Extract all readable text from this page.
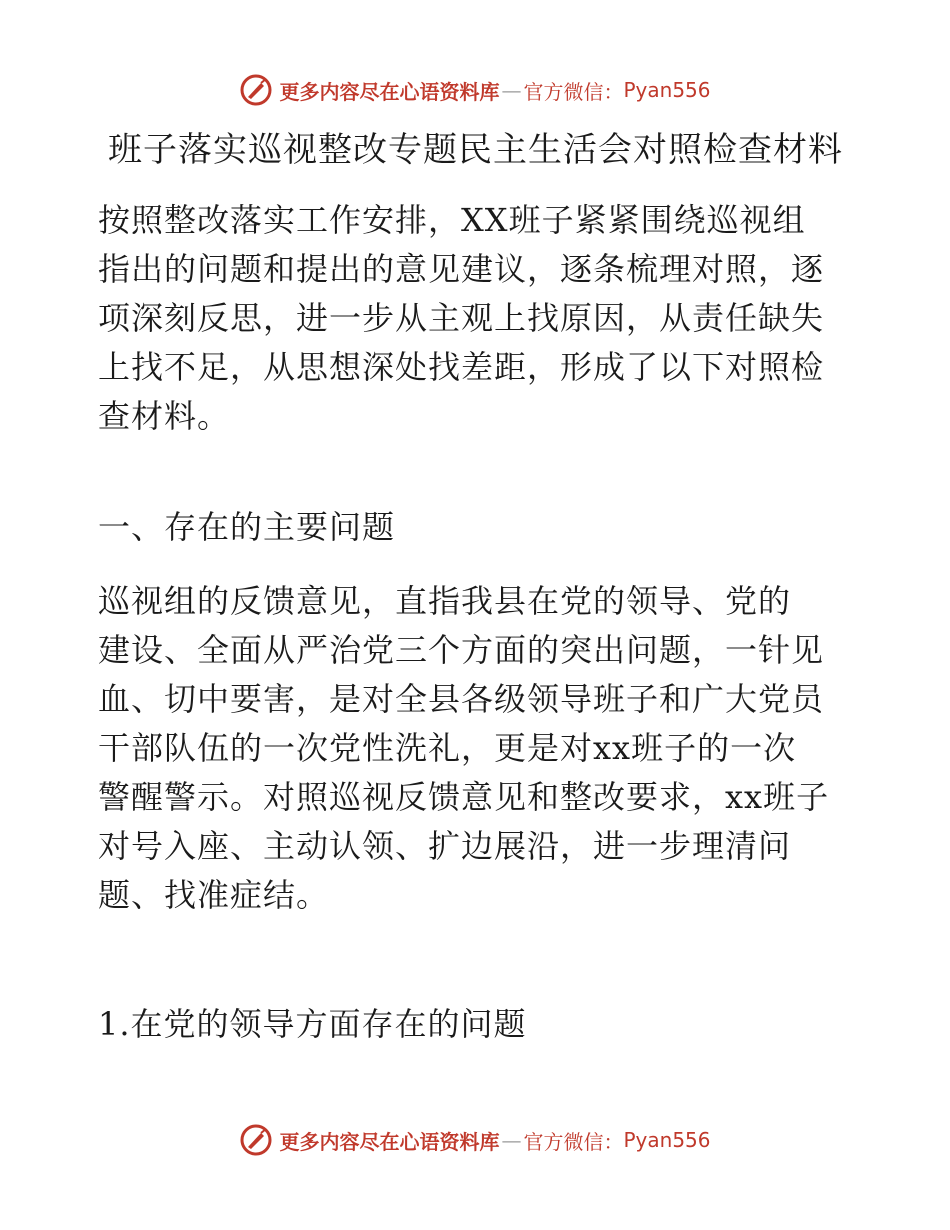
更多内容尽在心语资料库 — 官方微信： Pyan556
班子落实巡视整改专题民主生活会对照检查材料

按照整改落实工作安排，XX班子紧紧围绕巡视组
指出的问题和提出的意见建议，逐条梳理对照，逐
项深刻反思，进一步从主观上找原因，从责任缺失
上找不足，从思想深处找差距，形成了以下对照检
查材料。

一、存在的主要问题

巡视组的反馈意见，直指我县在党的领导、党的
建设、全面从严治党三个方面的突出问题，一针见
血、切中要害，是对全县各级领导班子和广大党员
干部队伍的一次党性洗礼，更是对xx班子的一次
警醒警示。对照巡视反馈意见和整改要求，xx班子
对号入座、主动认领、扩边展沿，进一步理清问
题、找准症结。

1.在党的领导方面存在的问题

更多内容尽在心语资料库 — 官方微信： Pyan556
